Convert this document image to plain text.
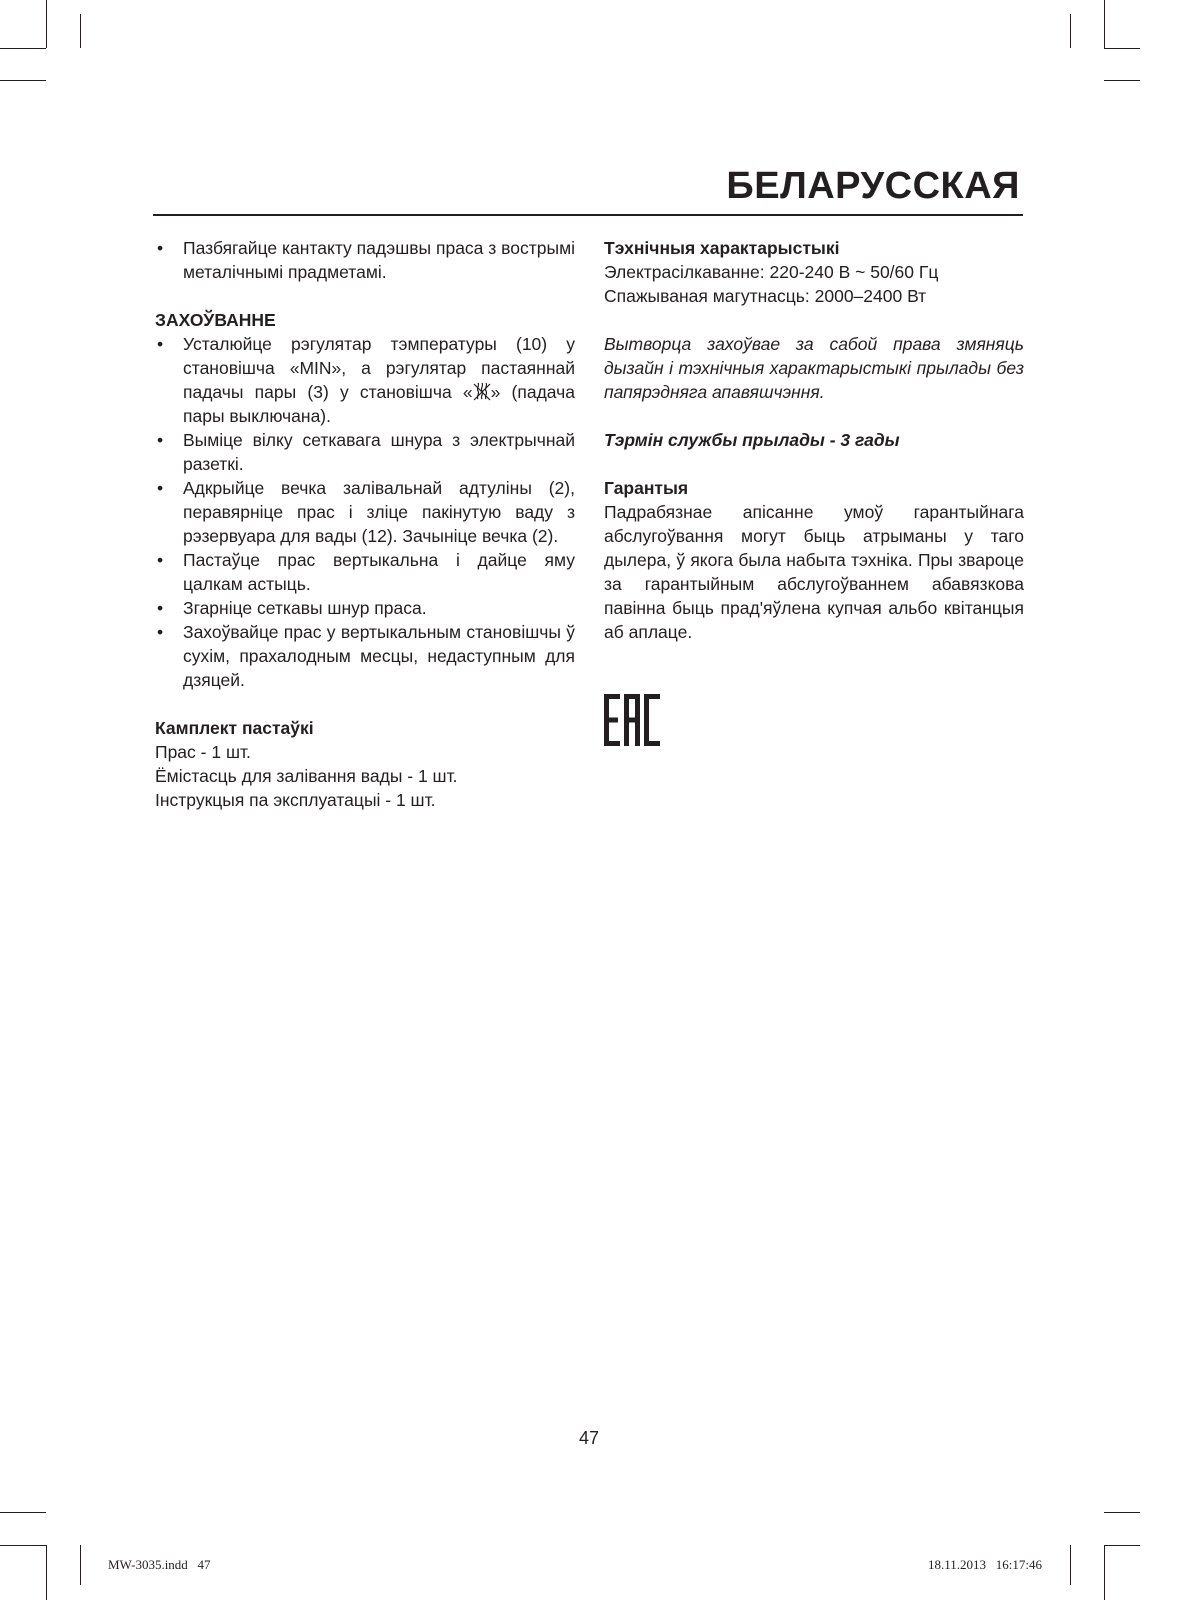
БЕЛАРУССКАЯ
• Пазбягайце кантакту падэшвы праса з вострымі металічнымі прадметамі.

ЗАХОЎВАННЕ

• Усталюйце рэгулятар тэмпературы (10) у становішча «MIN», а рэгулятар пастаяннай падачы пары (3) у становішча « » (падача пары выключана).
• Выміце вілку сеткавага шнура з электрычнай разеткі.
• Адкрыйце вечка залівальнай адтуліны (2), перавярніце прас і зліце пакінутую ваду з рэзервуара для вады (12). Зачыніце вечка (2).
• Пастаўце прас вертыкальна і дайце яму цалкам астыць.
• Згарніце сеткавы шнур праса.
• Захоўвайце прас у вертыкальным становішчы ў сухім, прахалодным месцы, недаступным для дзяцей.

Камплект пастаўкі

Прас - 1 шт.

Ёмістасць для залівання вады - 1 шт.

Інструкцыя па эксплуатацыі - 1 шт.

Тэхнічныя характарыстыкі

Электрасілкаванне: 220-240 В ~ 50/60 Гц

Спажываная магутнасць: 2000–2400 Вт

Вытворца захоўвае за сабой права змяняць дызайн і тэхнічныя характарыстыкі прылады без папярэдняга апавяшчэння.

Тэрмін службы прылады - 3 гады

Гарантыя

Падрабязнае апісанне умоў гарантыйнага абслугоўвання могут быць атрыманы у таго дылера, ў якога была набыта тэхніка. Пры звароце за гарантыйным абслугоўваннем абавязкова павінна быць прад'яўлена купчая альбо квітанцыя аб аплаце.

47
MW-3035.indd   47	18.11.2013   16:17:46
